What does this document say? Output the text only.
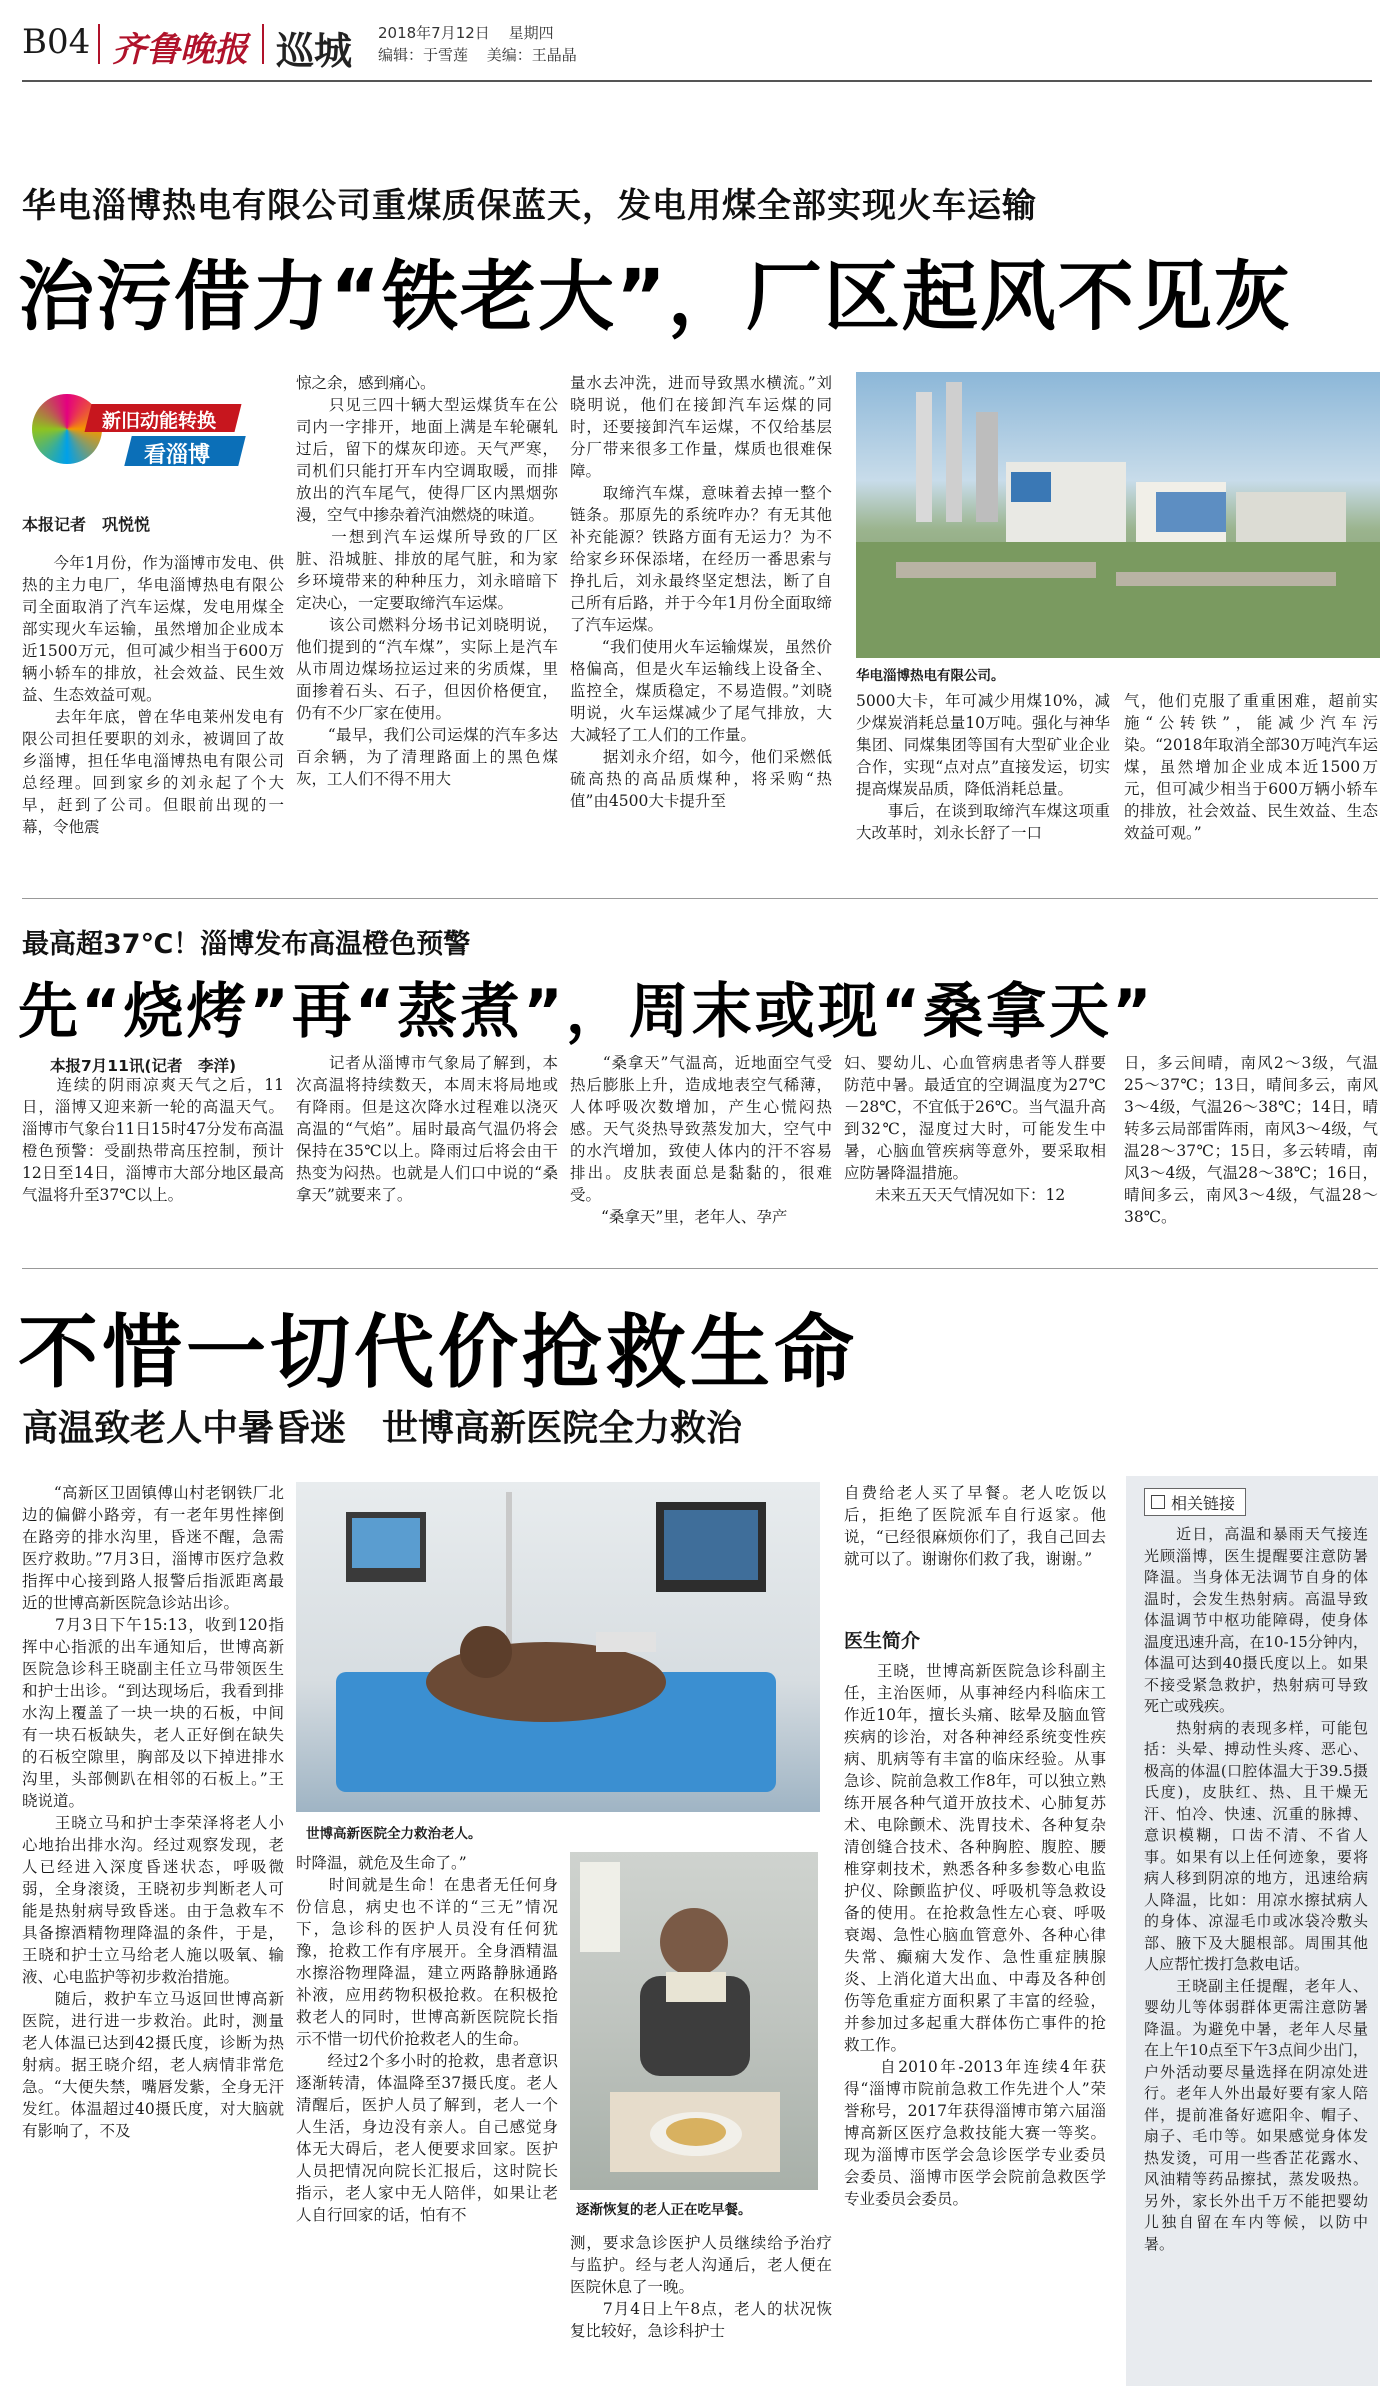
B04 齐鲁晚报 巡城 2018年7月12日 星期四
编辑：于雪莲 美编：王晶晶
华电淄博热电有限公司重煤质保蓝天，发电用煤全部实现火车运输
治污借力“铁老大”，厂区起风不见灰
新旧动能转换
看淄博
本报记者　巩悦悦
　　今年1月份，作为淄博市发电、供热的主力电厂，华电淄博热电有限公司全面取消了汽车运煤，发电用煤全部实现火车运输，虽然增加企业成本近1500万元，但可减少相当于600万辆小轿车的排放，社会效益、民生效益、生态效益可观。
　　去年年底，曾在华电莱州发电有限公司担任要职的刘永，被调回了故乡淄博，担任华电淄博热电有限公司总经理。回到家乡的刘永起了个大早，赶到了公司。但眼前出现的一幕，令他震
惊之余，感到痛心。
　　只见三四十辆大型运煤货车在公司内一字排开，地面上满是车轮碾轧过后，留下的煤灰印迹。天气严寒，司机们只能打开车内空调取暖，而排放出的汽车尾气，使得厂区内黑烟弥漫，空气中掺杂着汽油燃烧的味道。
　　一想到汽车运煤所导致的厂区脏、沿城脏、排放的尾气脏，和为家乡环境带来的种种压力，刘永暗暗下定决心，一定要取缔汽车运煤。
　　该公司燃料分场书记刘晓明说，他们提到的“汽车煤”，实际上是汽车从市周边煤场拉运过来的劣质煤，里面掺着石头、石子，但因价格便宜，仍有不少厂家在使用。
　　“最早，我们公司运煤的汽车多达百余辆，为了清理路面上的黑色煤灰，工人们不得不用大
量水去冲洗，进而导致黑水横流。”刘晓明说，他们在接卸汽车运煤的同时，还要接卸汽车运煤，不仅给基层分厂带来很多工作量，煤质也很难保障。
　　取缔汽车煤，意味着去掉一整个链条。那原先的系统咋办？有无其他补充能源？铁路方面有无运力？为不给家乡环保添堵，在经历一番思索与挣扎后，刘永最终坚定想法，断了自己所有后路，并于今年1月份全面取缔了汽车运煤。
　　“我们使用火车运输煤炭，虽然价格偏高，但是火车运输线上设备全、监控全，煤质稳定，不易造假。”刘晓明说，火车运煤减少了尾气排放，大大减轻了工人们的工作量。
　　据刘永介绍，如今，他们采燃低硫高热的高品质煤种，将采购“热值”由4500大卡提升至
华电淄博热电有限公司。
5000大卡，年可减少用煤10%，减少煤炭消耗总量10万吨。强化与神华集团、同煤集团等国有大型矿业企业合作，实现“点对点”直接发运，切实提高煤炭品质，降低消耗总量。
　　事后，在谈到取缔汽车煤这项重大改革时，刘永长舒了一口
气，他们克服了重重困难，超前实施“公转铁”，能减少汽车污染。“2018年取消全部30万吨汽车运煤，虽然增加企业成本近1500万元，但可减少相当于600万辆小轿车的排放，社会效益、民生效益、生态效益可观。”
最高超37℃！淄博发布高温橙色预警
先“烧烤”再“蒸煮”，周末或现“桑拿天”
本报7月11讯(记者　李洋)
　　连续的阴雨凉爽天气之后，11日，淄博又迎来新一轮的高温天气。淄博市气象台11日15时47分发布高温橙色预警：受副热带高压控制，预计12日至14日，淄博市大部分地区最高气温将升至37℃以上。
　　记者从淄博市气象局了解到，本次高温将持续数天，本周末将局地或有降雨。但是这次降水过程难以浇灭高温的“气焰”。届时最高气温仍将会保持在35℃以上。降雨过后将会由干热变为闷热。也就是人们口中说的“桑拿天”就要来了。
　　“桑拿天”气温高，近地面空气受热后膨胀上升，造成地表空气稀薄，人体呼吸次数增加，产生心慌闷热感。天气炎热导致蒸发加大，空气中的水汽增加，致使人体内的汗不容易排出。皮肤表面总是黏黏的，很难受。
　　“桑拿天”里，老年人、孕产
妇、婴幼儿、心血管病患者等人群要防范中暑。最适宜的空调温度为27℃－28℃，不宜低于26℃。当气温升高到32℃，湿度过大时，可能发生中暑，心脑血管疾病等意外，要采取相应防暑降温措施。
　　未来五天天气情况如下：12
日，多云间晴，南风2～3级，气温25～37℃；13日，晴间多云，南风3～4级，气温26～38℃；14日，晴转多云局部雷阵雨，南风3～4级，气温28～37℃；15日，多云转晴，南风3～4级，气温28～38℃；16日，晴间多云，南风3～4级，气温28～38℃。
不惜一切代价抢救生命
高温致老人中暑昏迷　世博高新医院全力救治
　　“高新区卫固镇傅山村老钢铁厂北边的偏僻小路旁，有一老年男性摔倒在路旁的排水沟里，昏迷不醒，急需医疗救助。”7月3日，淄博市医疗急救指挥中心接到路人报警后指派距离最近的世博高新医院急诊站出诊。
　　7月3日下午15:13，收到120指挥中心指派的出车通知后，世博高新医院急诊科王晓副主任立马带领医生和护士出诊。“到达现场后，我看到排水沟上覆盖了一块一块的石板，中间有一块石板缺失，老人正好倒在缺失的石板空隙里，胸部及以下掉进排水沟里，头部侧趴在相邻的石板上。”王晓说道。
　　王晓立马和护士李荣泽将老人小心地抬出排水沟。经过观察发现，老人已经进入深度昏迷状态，呼吸微弱，全身滚烫，王晓初步判断老人可能是热射病导致昏迷。由于急救车不具备擦酒精物理降温的条件，于是，王晓和护士立马给老人施以吸氧、输液、心电监护等初步救治措施。
　　随后，救护车立马返回世博高新医院，进行进一步救治。此时，测量老人体温已达到42摄氏度，诊断为热射病。据王晓介绍，老人病情非常危急。“大便失禁，嘴唇发紫，全身无汗发红。体温超过40摄氏度，对大脑就有影响了，不及
世博高新医院全力救治老人。
时降温，就危及生命了。”
　　时间就是生命！在患者无任何身份信息，病史也不详的“三无”情况下，急诊科的医护人员没有任何犹豫，抢救工作有序展开。全身酒精温水擦浴物理降温，建立两路静脉通路补液，应用药物积极抢救。在积极抢救老人的同时，世博高新医院院长指示不惜一切代价抢救老人的生命。
　　经过2个多小时的抢救，患者意识逐渐转清，体温降至37摄氏度。老人清醒后，医护人员了解到，老人一个人生活，身边没有亲人。自己感觉身体无大碍后，老人便要求回家。医护人员把情况向院长汇报后，这时院长指示，老人家中无人陪伴，如果让老人自行回家的话，怕有不	逐渐恢复的老人正在吃早餐。
测，要求急诊医护人员继续给予治疗与监护。经与老人沟通后，老人便在医院休息了一晚。
　　7月4日上午8点，老人的状况恢复比较好，急诊科护士
自费给老人买了早餐。老人吃饭以后，拒绝了医院派车自行返家。他说，“已经很麻烦你们了，我自己回去就可以了。谢谢你们救了我，谢谢。”
医生简介
　　王晓，世博高新医院急诊科副主任，主治医师，从事神经内科临床工作近10年，擅长头痛、眩晕及脑血管疾病的诊治，对各种神经系统变性疾病、肌病等有丰富的临床经验。从事急诊、院前急救工作8年，可以独立熟练开展各种气道开放技术、心肺复苏术、电除颤术、洗胃技术、各种复杂清创缝合技术、各种胸腔、腹腔、腰椎穿刺技术，熟悉各种多参数心电监护仪、除颤监护仪、呼吸机等急救设备的使用。在抢救急性左心衰、呼吸衰竭、急性心脑血管意外、各种心律失常、癫痫大发作、急性重症胰腺炎、上消化道大出血、中毒及各种创伤等危重症方面积累了丰富的经验，并参加过多起重大群体伤亡事件的抢救工作。
　　自2010年-2013年连续4年获得“淄博市院前急救工作先进个人”荣誉称号，2017年获得淄博市第六届淄博高新区医疗急救技能大赛一等奖。现为淄博市医学会急诊医学专业委员会委员、淄博市医学会院前急救医学专业委员会委员。
相关链接
　　近日，高温和暴雨天气接连光顾淄博，医生提醒要注意防暑降温。当身体无法调节自身的体温时，会发生热射病。高温导致体温调节中枢功能障碍，使身体温度迅速升高，在10-15分钟内，体温可达到40摄氏度以上。如果不接受紧急救护，热射病可导致死亡或残疾。
　　热射病的表现多样，可能包括：头晕、搏动性头疼、恶心、极高的体温(口腔体温大于39.5摄氏度)，皮肤红、热、且干燥无汗、怕冷、快速、沉重的脉搏、意识模糊，口齿不清、不省人事。如果有以上任何迹象，要将病人移到阴凉的地方，迅速给病人降温，比如：用凉水擦拭病人的身体、凉湿毛巾或冰袋冷敷头部、腋下及大腿根部。周围其他人应帮忙拨打急救电话。
　　王晓副主任提醒，老年人、婴幼儿等体弱群体更需注意防暑降温。为避免中暑，老年人尽量在上午10点至下午3点间少出门，户外活动要尽量选择在阴凉处进行。老年人外出最好要有家人陪伴，提前准备好遮阳伞、帽子、扇子、毛巾等。如果感觉身体发热发烫，可用一些香芷花露水、风油精等药品擦拭，蒸发吸热。另外，家长外出千万不能把婴幼儿独自留在车内等候，以防中暑。
